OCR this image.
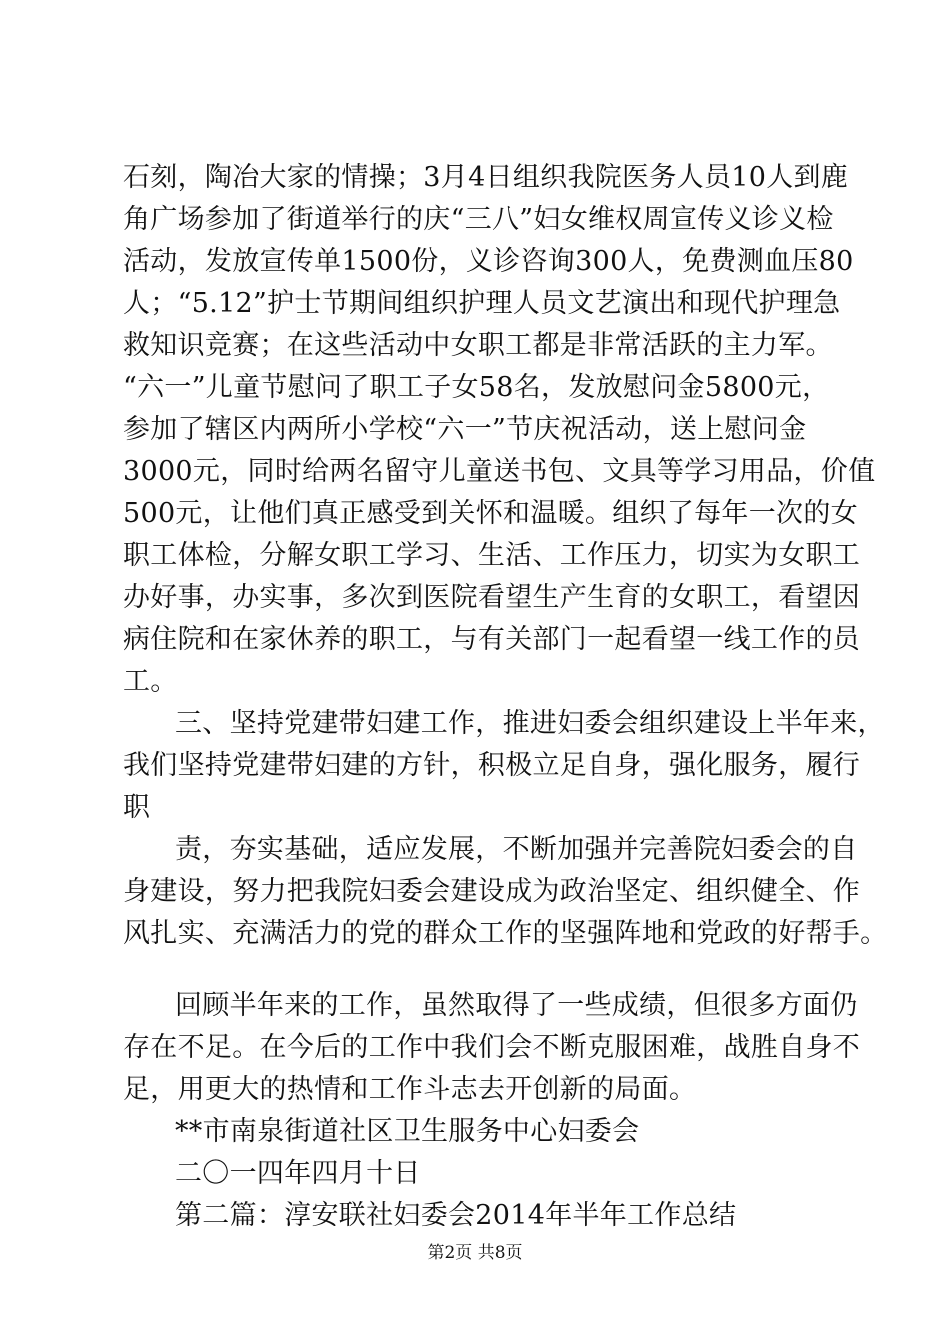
石刻，陶冶大家的情操；3月4日组织我院医务人员10人到鹿
角广场参加了街道举行的庆“三八”妇女维权周宣传义诊义检
活动，发放宣传单1500份，义诊咨询300人，免费测血压80
人；“5.12”护士节期间组织护理人员文艺演出和现代护理急
救知识竞赛；在这些活动中女职工都是非常活跃的主力军。
“六一”儿童节慰问了职工子女58名，发放慰问金5800元，
参加了辖区内两所小学校“六一”节庆祝活动，送上慰问金
3000元，同时给两名留守儿童送书包、文具等学习用品，价值
500元，让他们真正感受到关怀和温暖。组织了每年一次的女
职工体检，分解女职工学习、生活、工作压力，切实为女职工
办好事，办实事，多次到医院看望生产生育的女职工，看望因
病住院和在家休养的职工，与有关部门一起看望一线工作的员
工。
三、坚持党建带妇建工作，推进妇委会组织建设上半年来，
我们坚持党建带妇建的方针，积极立足自身，强化服务，履行
职
责，夯实基础，适应发展，不断加强并完善院妇委会的自
身建设，努力把我院妇委会建设成为政治坚定、组织健全、作
风扎实、充满活力的党的群众工作的坚强阵地和党政的好帮手。
回顾半年来的工作，虽然取得了一些成绩，但很多方面仍
存在不足。在今后的工作中我们会不断克服困难，战胜自身不
足，用更大的热情和工作斗志去开创新的局面。
**市南泉街道社区卫生服务中心妇委会
二〇一四年四月十日
第二篇：淳安联社妇委会2014年半年工作总结
第2页 共8页
